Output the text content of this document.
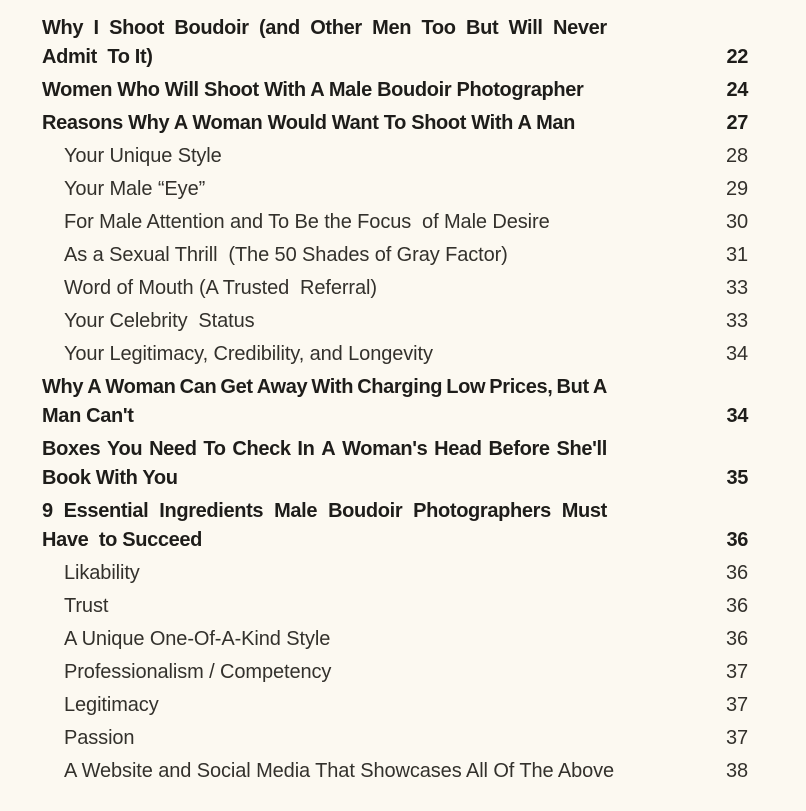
Why I Shoot Boudoir (and Other Men Too But Will Never
Admit  To It)	22
Women Who Will Shoot With A Male Boudoir Photographer	24
Reasons Why A Woman Would Want To Shoot With A Man	27
Your Unique Style	28
Your Male “Eye”	29
For Male Attention and To Be the Focus  of Male Desire	30
As a Sexual Thrill  (The 50 Shades of Gray Factor)	31
Word of Mouth (A Trusted  Referral)	33
Your Celebrity  Status	33
Your Legitimacy, Credibility, and Longevity	34
Why A Woman Can Get Away With Charging Low Prices, But A
Man Can't	34
Boxes You Need To Check In A Woman's Head Before She'll
Book With You	35
9 Essential Ingredients Male Boudoir Photographers Must
Have  to Succeed	36
Likability	36
Trust	36
A Unique One-Of-A-Kind Style	36
Professionalism / Competency	37
Legitimacy	37
Passion	37
A Website and Social Media That Showcases All Of The Above	38
